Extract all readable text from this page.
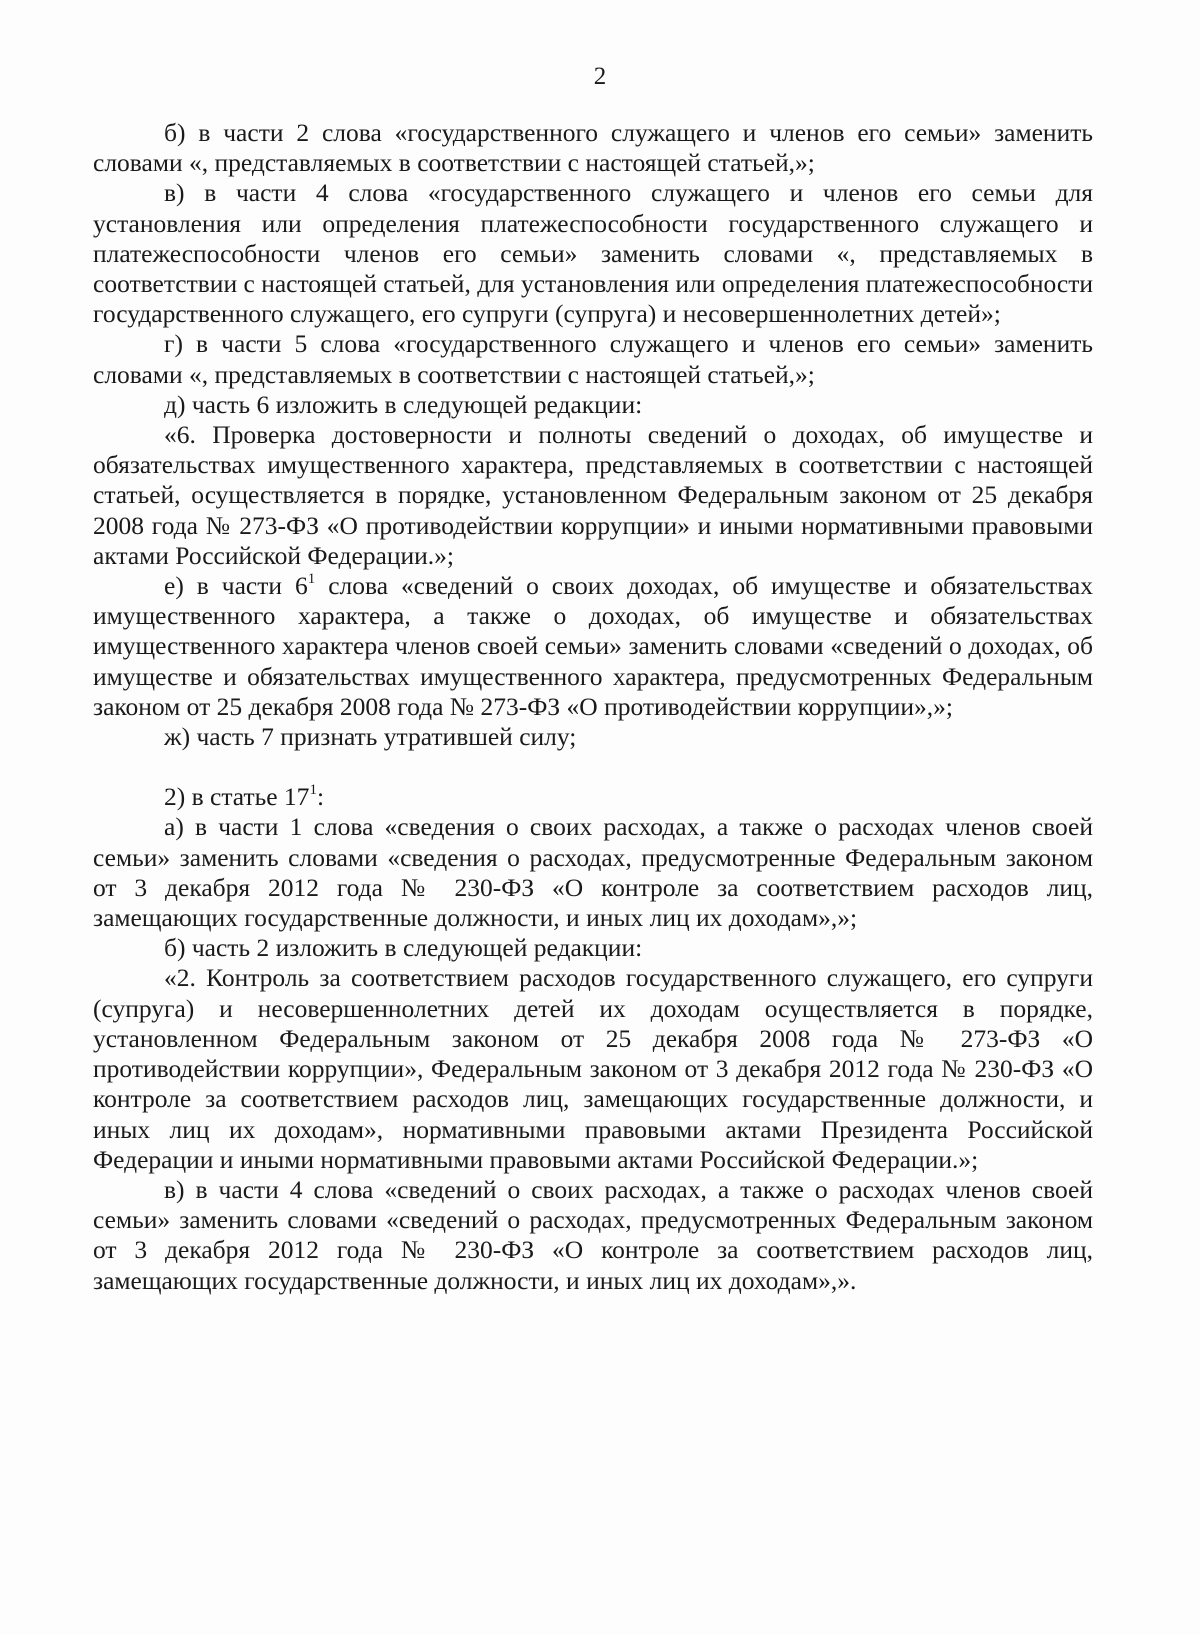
2

б) в части 2 слова «государственного служащего и членов его семьи» заменить словами «, представляемых в соответствии с настоящей статьей,»;

в) в части 4 слова «государственного служащего и членов его семьи для установления или определения платежеспособности государственного служащего и платежеспособности членов его семьи» заменить словами «, представляемых в соответствии с настоящей статьей, для установления или определения платежеспособности государственного служащего, его супруги (супруга) и несовершеннолетних детей»;

г) в части 5 слова «государственного служащего и членов его семьи» заменить словами «, представляемых в соответствии с настоящей статьей,»;

д) часть 6 изложить в следующей редакции:

«6. Проверка достоверности и полноты сведений о доходах, об имуществе и обязательствах имущественного характера, представляемых в соответствии с настоящей статьей, осуществляется в порядке, установленном Федеральным законом от 25 декабря 2008 года № 273-ФЗ «О противодействии коррупции» и иными нормативными правовыми актами Российской Федерации.»;

е) в части $6^1$ слова «сведений о своих доходах, об имуществе и обязательствах имущественного характера, а также о доходах, об имуществе и обязательствах имущественного характера членов своей семьи» заменить словами «сведений о доходах, об имуществе и обязательствах имущественного характера, предусмотренных Федеральным законом от 25 декабря 2008 года № 273-ФЗ «О противодействии коррупции»,»;

ж) часть 7 признать утратившей силу;

2) в статье $17^1$:

а) в части 1 слова «сведения о своих расходах, а также о расходах членов своей семьи» заменить словами «сведения о расходах, предусмотренные Федеральным законом от 3 декабря 2012 года № 230-ФЗ «О контроле за соответствием расходов лиц, замещающих государственные должности, и иных лиц их доходам»,»;

б) часть 2 изложить в следующей редакции:

«2. Контроль за соответствием расходов государственного служащего, его супруги (супруга) и несовершеннолетних детей их доходам осуществляется в порядке, установленном Федеральным законом от 25 декабря 2008 года № 273-ФЗ «О противодействии коррупции», Федеральным законом от 3 декабря 2012 года № 230-ФЗ «О контроле за соответствием расходов лиц, замещающих государственные должности, и иных лиц их доходам», нормативными правовыми актами Президента Российской Федерации и иными нормативными правовыми актами Российской Федерации.»;

в) в части 4 слова «сведений о своих расходах, а также о расходах членов своей семьи» заменить словами «сведений о расходах, предусмотренных Федеральным законом от 3 декабря 2012 года № 230-ФЗ «О контроле за соответствием расходов лиц, замещающих государственные должности, и иных лиц их доходам»,».
